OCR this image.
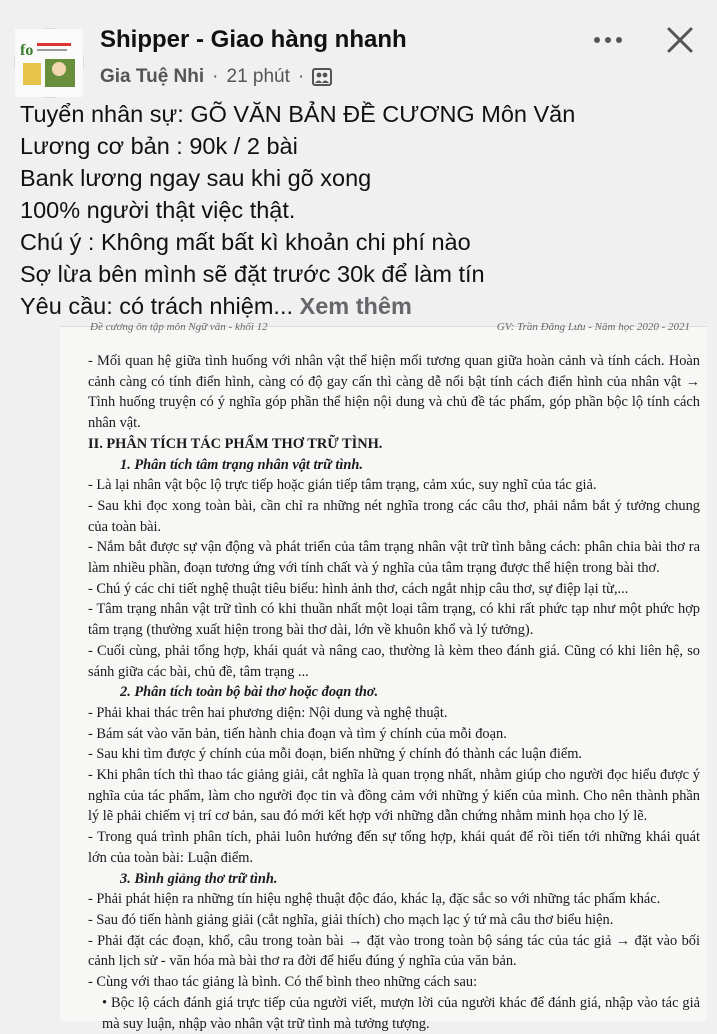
fo	Shipper - Giao hàng nhanh
Gia Tuệ Nhi · 21 phút ·
Tuyển nhân sự: GÕ VĂN BẢN ĐỀ CƯƠNG Môn Văn
Lương cơ bản : 90k / 2 bài
Bank lương ngay sau khi gõ xong
100% người thật việc thật.
Chú ý : Không mất bất kì khoản chi phí nào
Sợ lừa bên mình sẽ đặt trước 30k để làm tín
Yêu cầu: có trách nhiệm... Xem thêm
Đề cương ôn tập môn Ngữ văn - khối 12	GV: Trần Đăng Lưu - Năm học 2020 - 2021

- Mối quan hệ giữa tình huống với nhân vật thể hiện mối tương quan giữa hoàn cảnh và tính cách. Hoàn cảnh càng có tính điển hình, càng có độ gay cấn thì càng dễ nổi bật tính cách điển hình của nhân vật → Tình huống truyện có ý nghĩa góp phần thể hiện nội dung và chủ đề tác phẩm, góp phần bộc lộ tính cách nhân vật.

II. PHÂN TÍCH TÁC PHẨM THƠ TRỮ TÌNH.

1. Phân tích tâm trạng nhân vật trữ tình.

- Là lại nhân vật bộc lộ trực tiếp hoặc gián tiếp tâm trạng, cảm xúc, suy nghĩ của tác giả.

- Sau khi đọc xong toàn bài, cần chỉ ra những nét nghĩa trong các câu thơ, phải nắm bắt ý tưởng chung của toàn bài.

- Nắm bắt được sự vận động và phát triển của tâm trạng nhân vật trữ tình bằng cách: phân chia bài thơ ra làm nhiều phần, đoạn tương ứng với tính chất và ý nghĩa của tâm trạng được thể hiện trong bài thơ.

- Chú ý các chi tiết nghệ thuật tiêu biểu: hình ảnh thơ, cách ngắt nhịp câu thơ, sự điệp lại từ,...

- Tâm trạng nhân vật trữ tình có khi thuần nhất một loại tâm trạng, có khi rất phức tạp như một phức hợp tâm trạng (thường xuất hiện trong bài thơ dài, lớn về khuôn khổ và lý tưởng).

- Cuối cùng, phải tổng hợp, khái quát và nâng cao, thường là kèm theo đánh giá. Cũng có khi liên hệ, so sánh giữa các bài, chủ đề, tâm trạng ...

2. Phân tích toàn bộ bài thơ hoặc đoạn thơ.

- Phải khai thác trên hai phương diện: Nội dung và nghệ thuật.

- Bám sát vào văn bản, tiến hành chia đoạn và tìm ý chính của mỗi đoạn.

- Sau khi tìm được ý chính của mỗi đoạn, biến những ý chính đó thành các luận điểm.

- Khi phân tích thì thao tác giảng giải, cắt nghĩa là quan trọng nhất, nhằm giúp cho người đọc hiểu được ý nghĩa của tác phẩm, làm cho người đọc tin và đồng cảm với những ý kiến của mình. Cho nên thành phần lý lẽ phải chiếm vị trí cơ bản, sau đó mới kết hợp với những dẫn chứng nhằm minh họa cho lý lẽ.

- Trong quá trình phân tích, phải luôn hướng đến sự tổng hợp, khái quát để rồi tiến tới những khái quát lớn của toàn bài: Luận điểm.

3. Bình giảng thơ trữ tình.

- Phải phát hiện ra những tín hiệu nghệ thuật độc đáo, khác lạ, đặc sắc so với những tác phẩm khác.

- Sau đó tiến hành giảng giải (cắt nghĩa, giải thích) cho mạch lạc ý tứ mà câu thơ biểu hiện.

- Phải đặt các đoạn, khổ, câu trong toàn bài → đặt vào trong toàn bộ sáng tác của tác giả → đặt vào bối cảnh lịch sử - văn hóa mà bài thơ ra đời để hiểu đúng ý nghĩa của văn bản.

- Cùng với thao tác giảng là bình. Có thể bình theo những cách sau:

• Bộc lộ cách đánh giá trực tiếp của người viết, mượn lời của người khác để đánh giá, nhập vào tác giả mà suy luận, nhập vào nhân vật trữ tình mà tưởng tượng.
